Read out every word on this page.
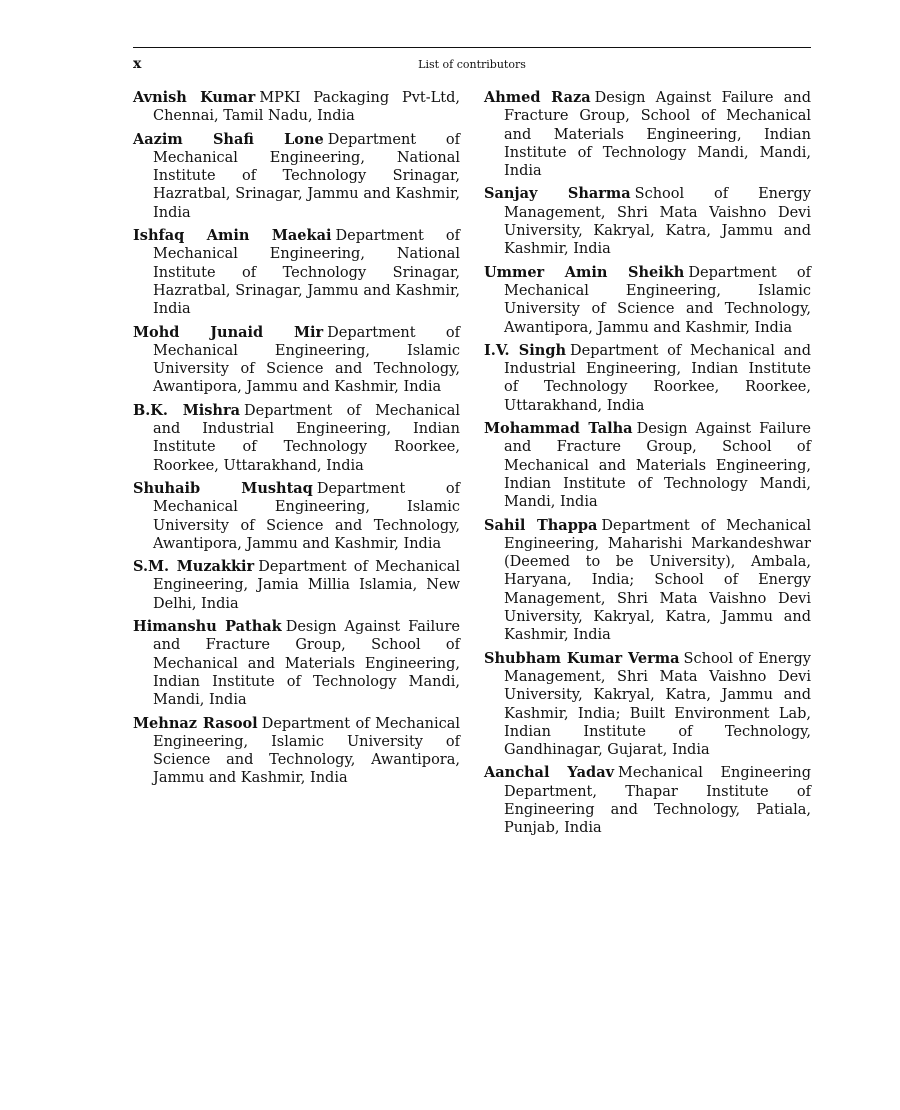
x	List of contributors

Avnish Kumar MPKI Packaging Pvt-Ltd, Chennai, Tamil Nadu, India

Aazim Shafi Lone Department of Mechanical Engineering, National Institute of Technology Srinagar, Hazratbal, Srinagar, Jammu and Kashmir, India

Ishfaq Amin Maekai Department of Mechanical Engineering, National Institute of Technology Srinagar, Hazratbal, Srinagar, Jammu and Kashmir, India

Mohd Junaid Mir Department of Mechanical Engineering, Islamic University of Science and Technology, Awantipora, Jammu and Kashmir, India

B.K. Mishra Department of Mechanical and Industrial Engineering, Indian Institute of Technology Roorkee, Roorkee, Uttarakhand, India

Shuhaib Mushtaq Department of Mechanical Engineering, Islamic University of Science and Technology, Awantipora, Jammu and Kashmir, India

S.M. Muzakkir Department of Mechanical Engineering, Jamia Millia Islamia, New Delhi, India

Himanshu Pathak Design Against Failure and Fracture Group, School of Mechanical and Materials Engineering, Indian Institute of Technology Mandi, Mandi, India

Mehnaz Rasool Department of Mechanical Engineering, Islamic University of Science and Technology, Awantipora, Jammu and Kashmir, India

Ahmed Raza Design Against Failure and Fracture Group, School of Mechanical and Materials Engineering, Indian Institute of Technology Mandi, Mandi, India

Sanjay Sharma School of Energy Management, Shri Mata Vaishno Devi University, Kakryal, Katra, Jammu and Kashmir, India

Ummer Amin Sheikh Department of Mechanical Engineering, Islamic University of Science and Technology, Awantipora, Jammu and Kashmir, India

I.V. Singh Department of Mechanical and Industrial Engineering, Indian Institute of Technology Roorkee, Roorkee, Uttarakhand, India

Mohammad Talha Design Against Failure and Fracture Group, School of Mechanical and Materials Engineering, Indian Institute of Technology Mandi, Mandi, India

Sahil Thappa Department of Mechanical Engineering, Maharishi Markandeshwar (Deemed to be University), Ambala, Haryana, India; School of Energy Management, Shri Mata Vaishno Devi University, Kakryal, Katra, Jammu and Kashmir, India

Shubham Kumar Verma School of Energy Management, Shri Mata Vaishno Devi University, Kakryal, Katra, Jammu and Kashmir, India; Built Environment Lab, Indian Institute of Technology, Gandhinagar, Gujarat, India

Aanchal Yadav Mechanical Engineering Department, Thapar Institute of Engineering and Technology, Patiala, Punjab, India
